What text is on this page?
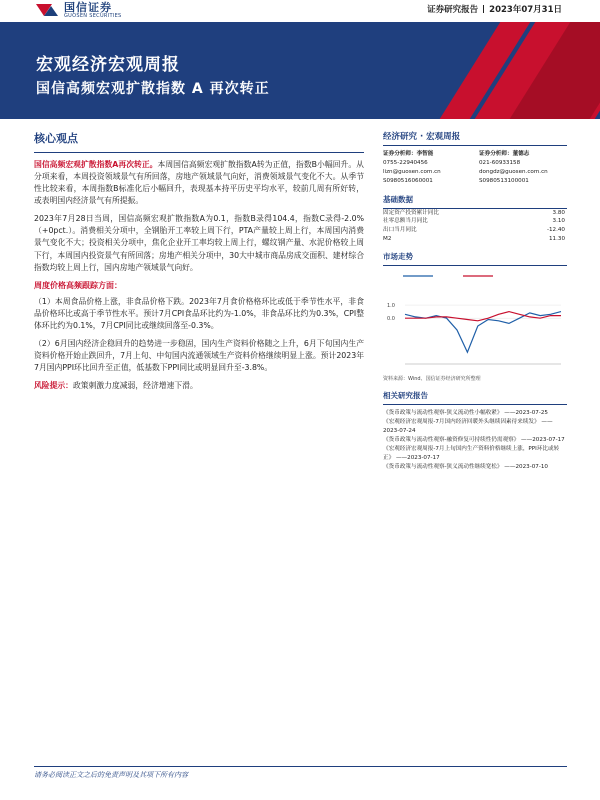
国信证券
GUOSEN SECURITIES
证券研究报告 2023年07月31日
宏观经济宏观周报
国信高频宏观扩散指数 A 再次转正
核心观点

国信高频宏观扩散指数A再次转正。本周国信高频宏观扩散指数A转为正值，指数B小幅回升。从分项来看，本周投资领域景气有所回落，房地产领域景气向好，消费领域景气变化不大。从季节性比较来看，本周指数B标准化后小幅回升，表现基本持平历史平均水平，较前几周有所好转，或表明国内经济景气有所提振。

2023年7月28日当周，国信高频宏观扩散指数A为0.1，指数B录得104.4，指数C录得-2.0%（+0pct.）。消费相关分项中，全钢胎开工率较上周下行，PTA产量较上周上行，本周国内消费景气变化不大；投资相关分项中，焦化企业开工率均较上周上行，螺纹钢产量、水泥价格较上周下行，本周国内投资景气有所回落；房地产相关分项中，30大中城市商品房成交面积、建材综合指数均较上周上行，国内房地产领域景气向好。

周度价格高频跟踪方面：

（1）本周食品价格上涨，非食品价格下跌。2023年7月食价格格环比或低于季节性水平，非食品价格环比或高于季节性水平。预计7月CPI食品环比约为-1.0%，非食品环比约为0.3%，CPI整体环比约为0.1%，7月CPI同比或继续回落至-0.3%。

（2）6月国内经济企稳回升的趋势进一步稳固，国内生产资料价格随之上升，6月下旬国内生产资料价格开始止跌回升，7月上旬、中旬国内流通领域生产资料价格继续明显上涨。预计2023年7月国内PPI环比回升至正值，低基数下PPI同比或明显回升至-3.8%。

风险提示：政策刺激力度减弱，经济增速下滑。

经济研究 · 宏观周报
证券分析师：李智能
0755-22940456
lizn@guosen.com.cn
S0980516060001
证券分析师：董德志
021-60933158
dongdz@guosen.com.cn
S0980513100001
基础数据
固定资产投资累计同比	3.80
社零总额当月同比	3.10
出口当月同比	-12.40
M2	11.30
市场走势
1.0
0.0
资料来源：Wind、国信证券经济研究所整理
相关研究报告
《货币政策与流动性观察-狭义流动性小幅收紧》 ——2023-07-25
《宏观经济宏观周报-7月国内经济回暖外头继续因素待来续发》 ——2023-07-24
《货币政策与流动性观察-融资修复可持续性仍需观察》 ——2023-07-17
《宏观经济宏观周报-7月上旬国内生产资料价格继续上涨，PPI环比或转正》 ——2023-07-17
《货币政策与流动性观察-狭义流动性继续宽松》 ——2023-07-10
请务必阅读正文之后的免责声明及其项下所有内容
